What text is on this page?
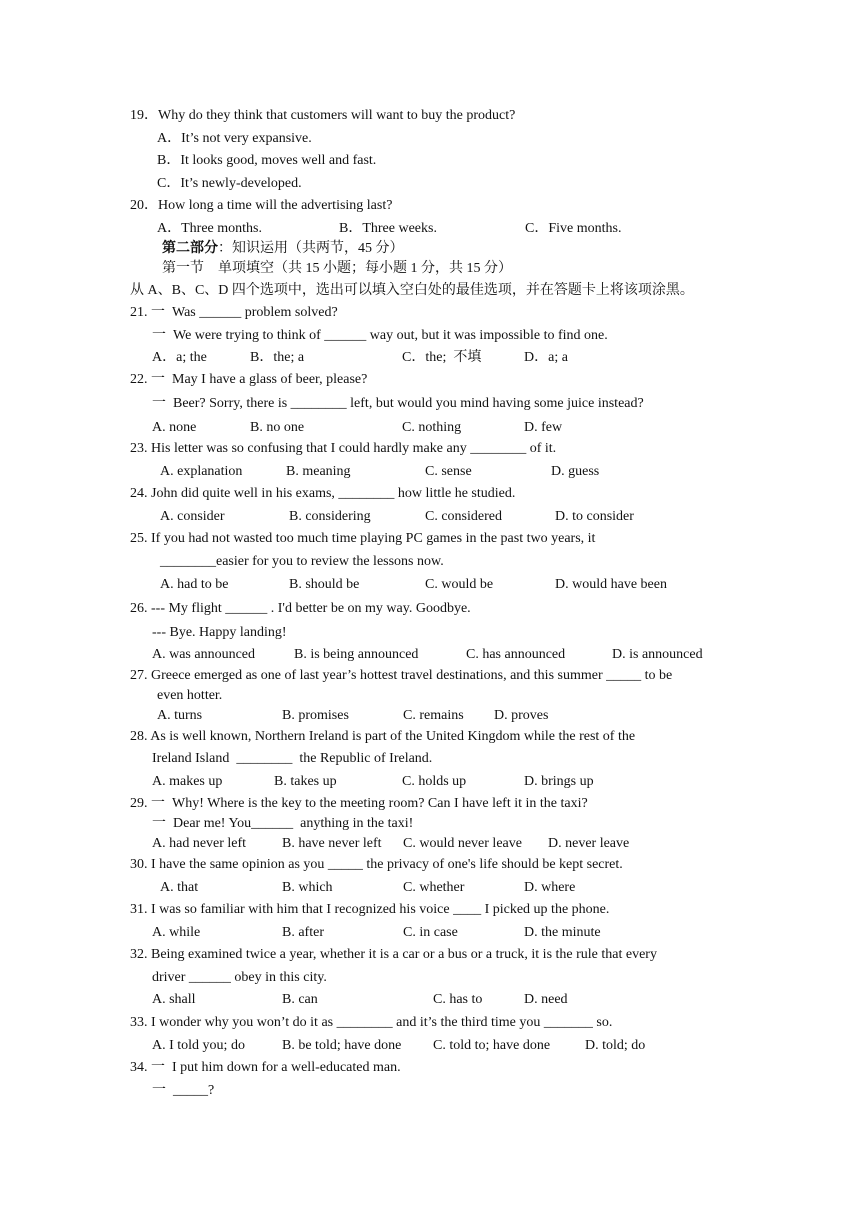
19．Why do they think that customers will want to buy the product?
A．It’s not very expansive.
B．It looks good, moves well and fast.
C．It’s newly-developed.
20．How long a time will the advertising last?
A．Three months.	B．Three weeks.	C．Five months.
第二部分：知识运用（共两节，45 分）
第一节　单项填空（共 15 小题；每小题 1 分，共 15 分）
从 A、B、C、D 四个选项中，选出可以填入空白处的最佳选项，并在答题卡上将该项涂黑。
21. 一  Was ______ problem solved?
一  We were trying to think of ______ way out, but it was impossible to find one.
A．a; the	B．the; a	C．the;  不填	D．a; a
22. 一  May I have a glass of beer, please?
一  Beer? Sorry, there is ________ left, but would you mind having some juice instead?
A. none	B. no one	C. nothing	D. few
23. His letter was so confusing that I could hardly make any ________ of it.
A. explanation	B. meaning	C. sense	D. guess
24. John did quite well in his exams, ________ how little he studied.
A. consider	B. considering	C. considered	D. to consider
25. If you had not wasted too much time playing PC games in the past two years, it
________easier for you to review the lessons now.
A. had to be	B. should be	C. would be	D. would have been
26. --- My flight ______ . I'd better be on my way. Goodbye.
--- Bye. Happy landing!
A. was announced	B. is being announced	C. has announced	D. is announced
27. Greece emerged as one of last year’s hottest travel destinations, and this summer _____ to be
even hotter.
A. turns	B. promises	C. remains D. proves
28. As is well known, Northern Ireland is part of the United Kingdom while the rest of the
Ireland Island  ________  the Republic of Ireland.
A. makes up	B. takes up	C. holds up	D. brings up
29. 一  Why! Where is the key to the meeting room? Can I have left it in the taxi?
一  Dear me! You______  anything in the taxi!
A. had never left	B. have never left C. would never leave D. never leave
30. I have the same opinion as you _____ the privacy of one's life should be kept secret.
A. that	B. which	C. whether	D. where
31. I was so familiar with him that I recognized his voice ____ I picked up the phone.
A. while	B. after	C. in case	D. the minute
32. Being examined twice a year, whether it is a car or a bus or a truck, it is the rule that every
driver ______ obey in this city.
A. shall	B. can	C. has to	D. need
33. I wonder why you won’t do it as ________ and it’s the third time you _______ so.
A. I told you; do	B. be told; have done C. told to; have done D. told; do
34. 一  I put him down for a well-educated man.
一  _____?
